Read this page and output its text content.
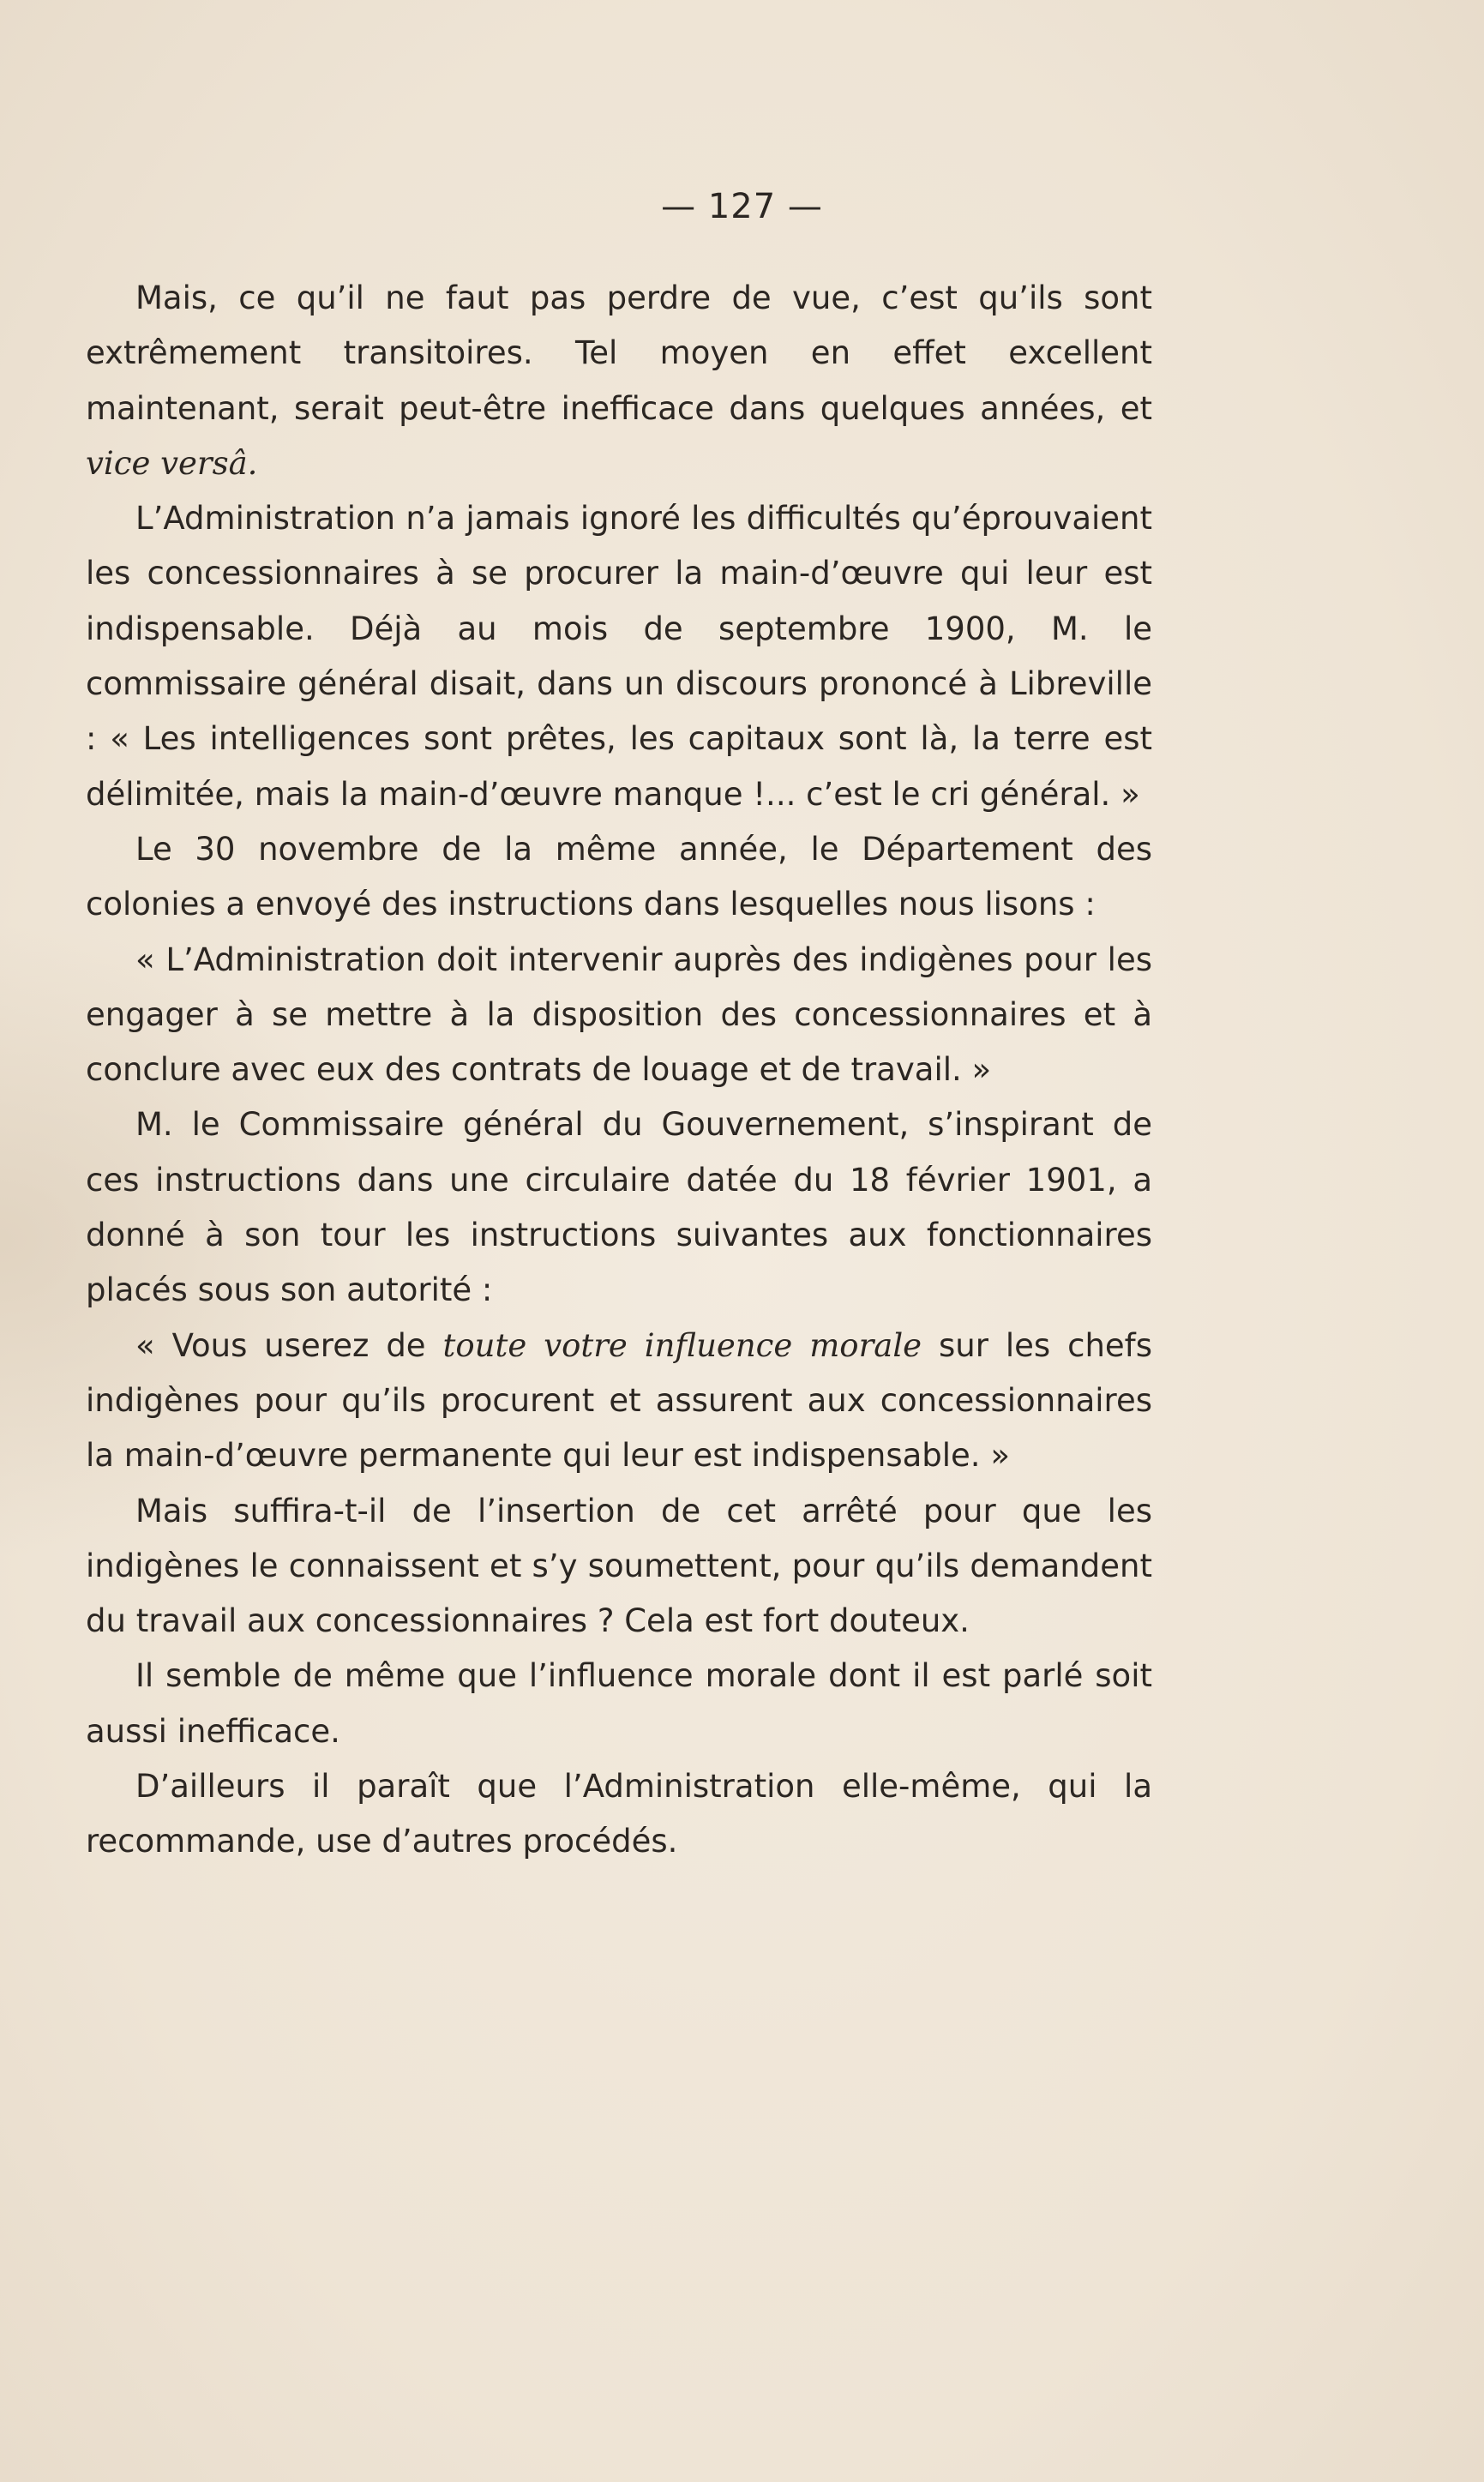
— 127 —

Mais, ce qu’il ne faut pas perdre de vue, c’est qu’ils sont extrêmement transitoires. Tel moyen en effet excellent maintenant, serait peut-être inefficace dans quelques années, et vice versâ.

L’Administration n’a jamais ignoré les difficultés qu’éprouvaient les concessionnaires à se procurer la main-d’œuvre qui leur est indispensable. Déjà au mois de septembre 1900, M. le commissaire général disait, dans un discours prononcé à Libreville : « Les intelligences sont prêtes, les capitaux sont là, la terre est délimitée, mais la main-d’œuvre manque !... c’est le cri général. »

Le 30 novembre de la même année, le Département des colonies a envoyé des instructions dans lesquelles nous lisons :

« L’Administration doit intervenir auprès des indigènes pour les engager à se mettre à la disposition des concessionnaires et à conclure avec eux des contrats de louage et de travail. »

M. le Commissaire général du Gouvernement, s’inspirant de ces instructions dans une circulaire datée du 18 février 1901, a donné à son tour les instructions suivantes aux fonctionnaires placés sous son autorité :

« Vous userez de toute votre influence morale sur les chefs indigènes pour qu’ils procurent et assurent aux concessionnaires la main-d’œuvre permanente qui leur est indispensable. »

Mais suffira-t-il de l’insertion de cet arrêté pour que les indigènes le connaissent et s’y soumettent, pour qu’ils demandent du travail aux concessionnaires ? Cela est fort douteux.

Il semble de même que l’influence morale dont il est parlé soit aussi inefficace.

D’ailleurs il paraît que l’Administration elle-même, qui la recommande, use d’autres procédés.
